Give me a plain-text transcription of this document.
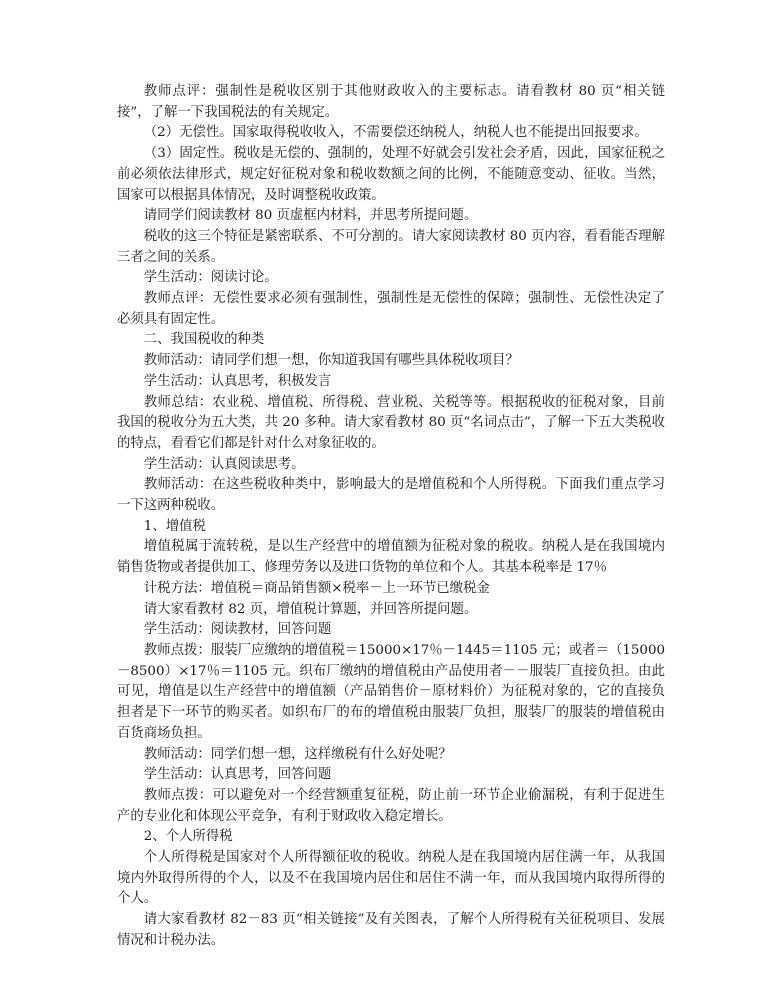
教师点评：强制性是税收区别于其他财政收入的主要标志。请看教材 80 页“相关链接”，了解一下我国税法的有关规定。

（2）无偿性。国家取得税收收入，不需要偿还纳税人，纳税人也不能提出回报要求。

（3）固定性。税收是无偿的、强制的，处理不好就会引发社会矛盾，因此，国家征税之前必须依法律形式，规定好征税对象和税收数额之间的比例，不能随意变动、征收。当然，国家可以根据具体情况，及时调整税收政策。

请同学们阅读教材 80 页虚框内材料，并思考所提问题。

税收的这三个特征是紧密联系、不可分割的。请大家阅读教材 80 页内容，看看能否理解三者之间的关系。

学生活动：阅读讨论。

教师点评：无偿性要求必须有强制性，强制性是无偿性的保障；强制性、无偿性决定了必须具有固定性。

二、我国税收的种类

教师活动：请同学们想一想，你知道我国有哪些具体税收项目？

学生活动：认真思考，积极发言

教师总结：农业税、增值税、所得税、营业税、关税等等。根据税收的征税对象，目前我国的税收分为五大类，共 20 多种。请大家看教材 80 页“名词点击”，了解一下五大类税收的特点，看看它们都是针对什么对象征收的。

学生活动：认真阅读思考。

教师活动：在这些税收种类中，影响最大的是增值税和个人所得税。下面我们重点学习一下这两种税收。

1、增值税

增值税属于流转税，是以生产经营中的增值额为征税对象的税收。纳税人是在我国境内销售货物或者提供加工、修理劳务以及进口货物的单位和个人。其基本税率是 17％

计税方法：增值税＝商品销售额×税率－上一环节已缴税金

请大家看教材 82 页，增值税计算题，并回答所提问题。

学生活动：阅读教材，回答问题

教师点拨：服装厂应缴纳的增值税＝15000×17％－1445＝1105 元；或者＝（15000－8500）×17％＝1105 元。织布厂缴纳的增值税由产品使用者－－服装厂直接负担。由此可见，增值是以生产经营中的增值额（产品销售价－原材料价）为征税对象的，它的直接负担者是下一环节的购买者。如织布厂的布的增值税由服装厂负担，服装厂的服装的增值税由百货商场负担。

教师活动：同学们想一想，这样缴税有什么好处呢？

学生活动：认真思考，回答问题

教师点拨：可以避免对一个经营额重复征税，防止前一环节企业偷漏税，有利于促进生产的专业化和体现公平竞争，有利于财政收入稳定增长。

2、个人所得税

个人所得税是国家对个人所得额征收的税收。纳税人是在我国境内居住满一年，从我国境内外取得所得的个人，以及不在我国境内居住和居住不满一年，而从我国境内取得所得的个人。

请大家看教材 82－83 页“相关链接”及有关图表，了解个人所得税有关征税项目、发展情况和计税办法。
